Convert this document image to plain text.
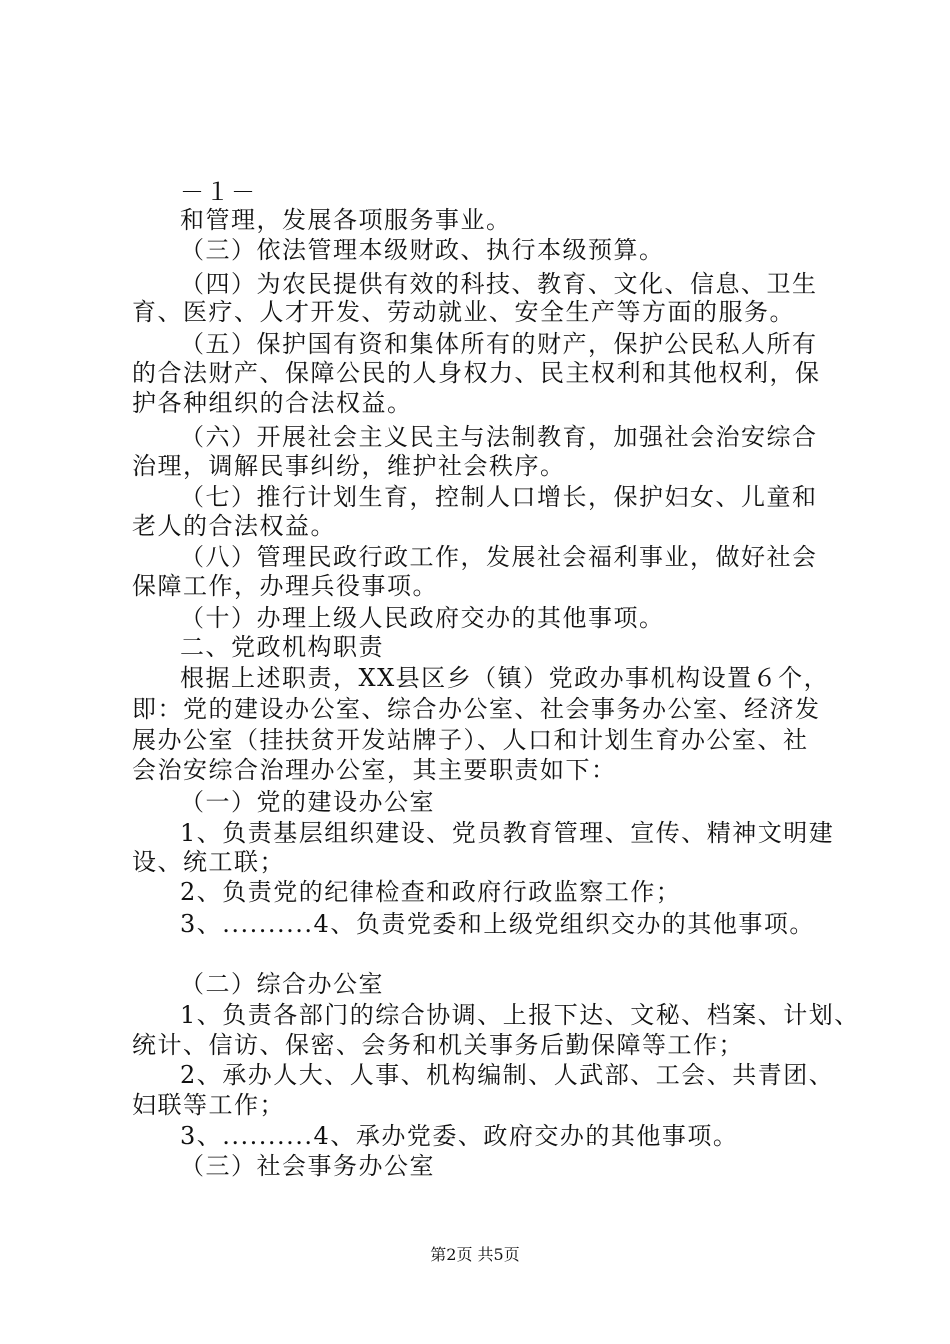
－１－
和管理，发展各项服务事业。
（三）依法管理本级财政、执行本级预算。
（四）为农民提供有效的科技、教育、文化、信息、卫生
育、医疗、人才开发、劳动就业、安全生产等方面的服务。
（五）保护国有资和集体所有的财产，保护公民私人所有
的合法财产、保障公民的人身权力、民主权利和其他权利，保
护各种组织的合法权益。
（六）开展社会主义民主与法制教育，加强社会治安综合
治理，调解民事纠纷，维护社会秩序。
（七）推行计划生育，控制人口增长，保护妇女、儿童和
老人的合法权益。
（八）管理民政行政工作，发展社会福利事业，做好社会
保障工作，办理兵役事项。
（十）办理上级人民政府交办的其他事项。
二、党政机构职责
根据上述职责，XX县区乡（镇）党政办事机构设置６个，
即：党的建设办公室、综合办公室、社会事务办公室、经济发
展办公室（挂扶贫开发站牌子）、人口和计划生育办公室、社
会治安综合治理办公室，其主要职责如下：
（一）党的建设办公室
1、负责基层组织建设、党员教育管理、宣传、精神文明建
设、统工联；
2、负责党的纪律检查和政府行政监察工作；
3、..........4、负责党委和上级党组织交办的其他事项。
（二）综合办公室
1、负责各部门的综合协调、上报下达、文秘、档案、计划、
统计、信访、保密、会务和机关事务后勤保障等工作；
2、承办人大、人事、机构编制、人武部、工会、共青团、
妇联等工作；
3、..........4、承办党委、政府交办的其他事项。
（三）社会事务办公室
第2页 共5页
